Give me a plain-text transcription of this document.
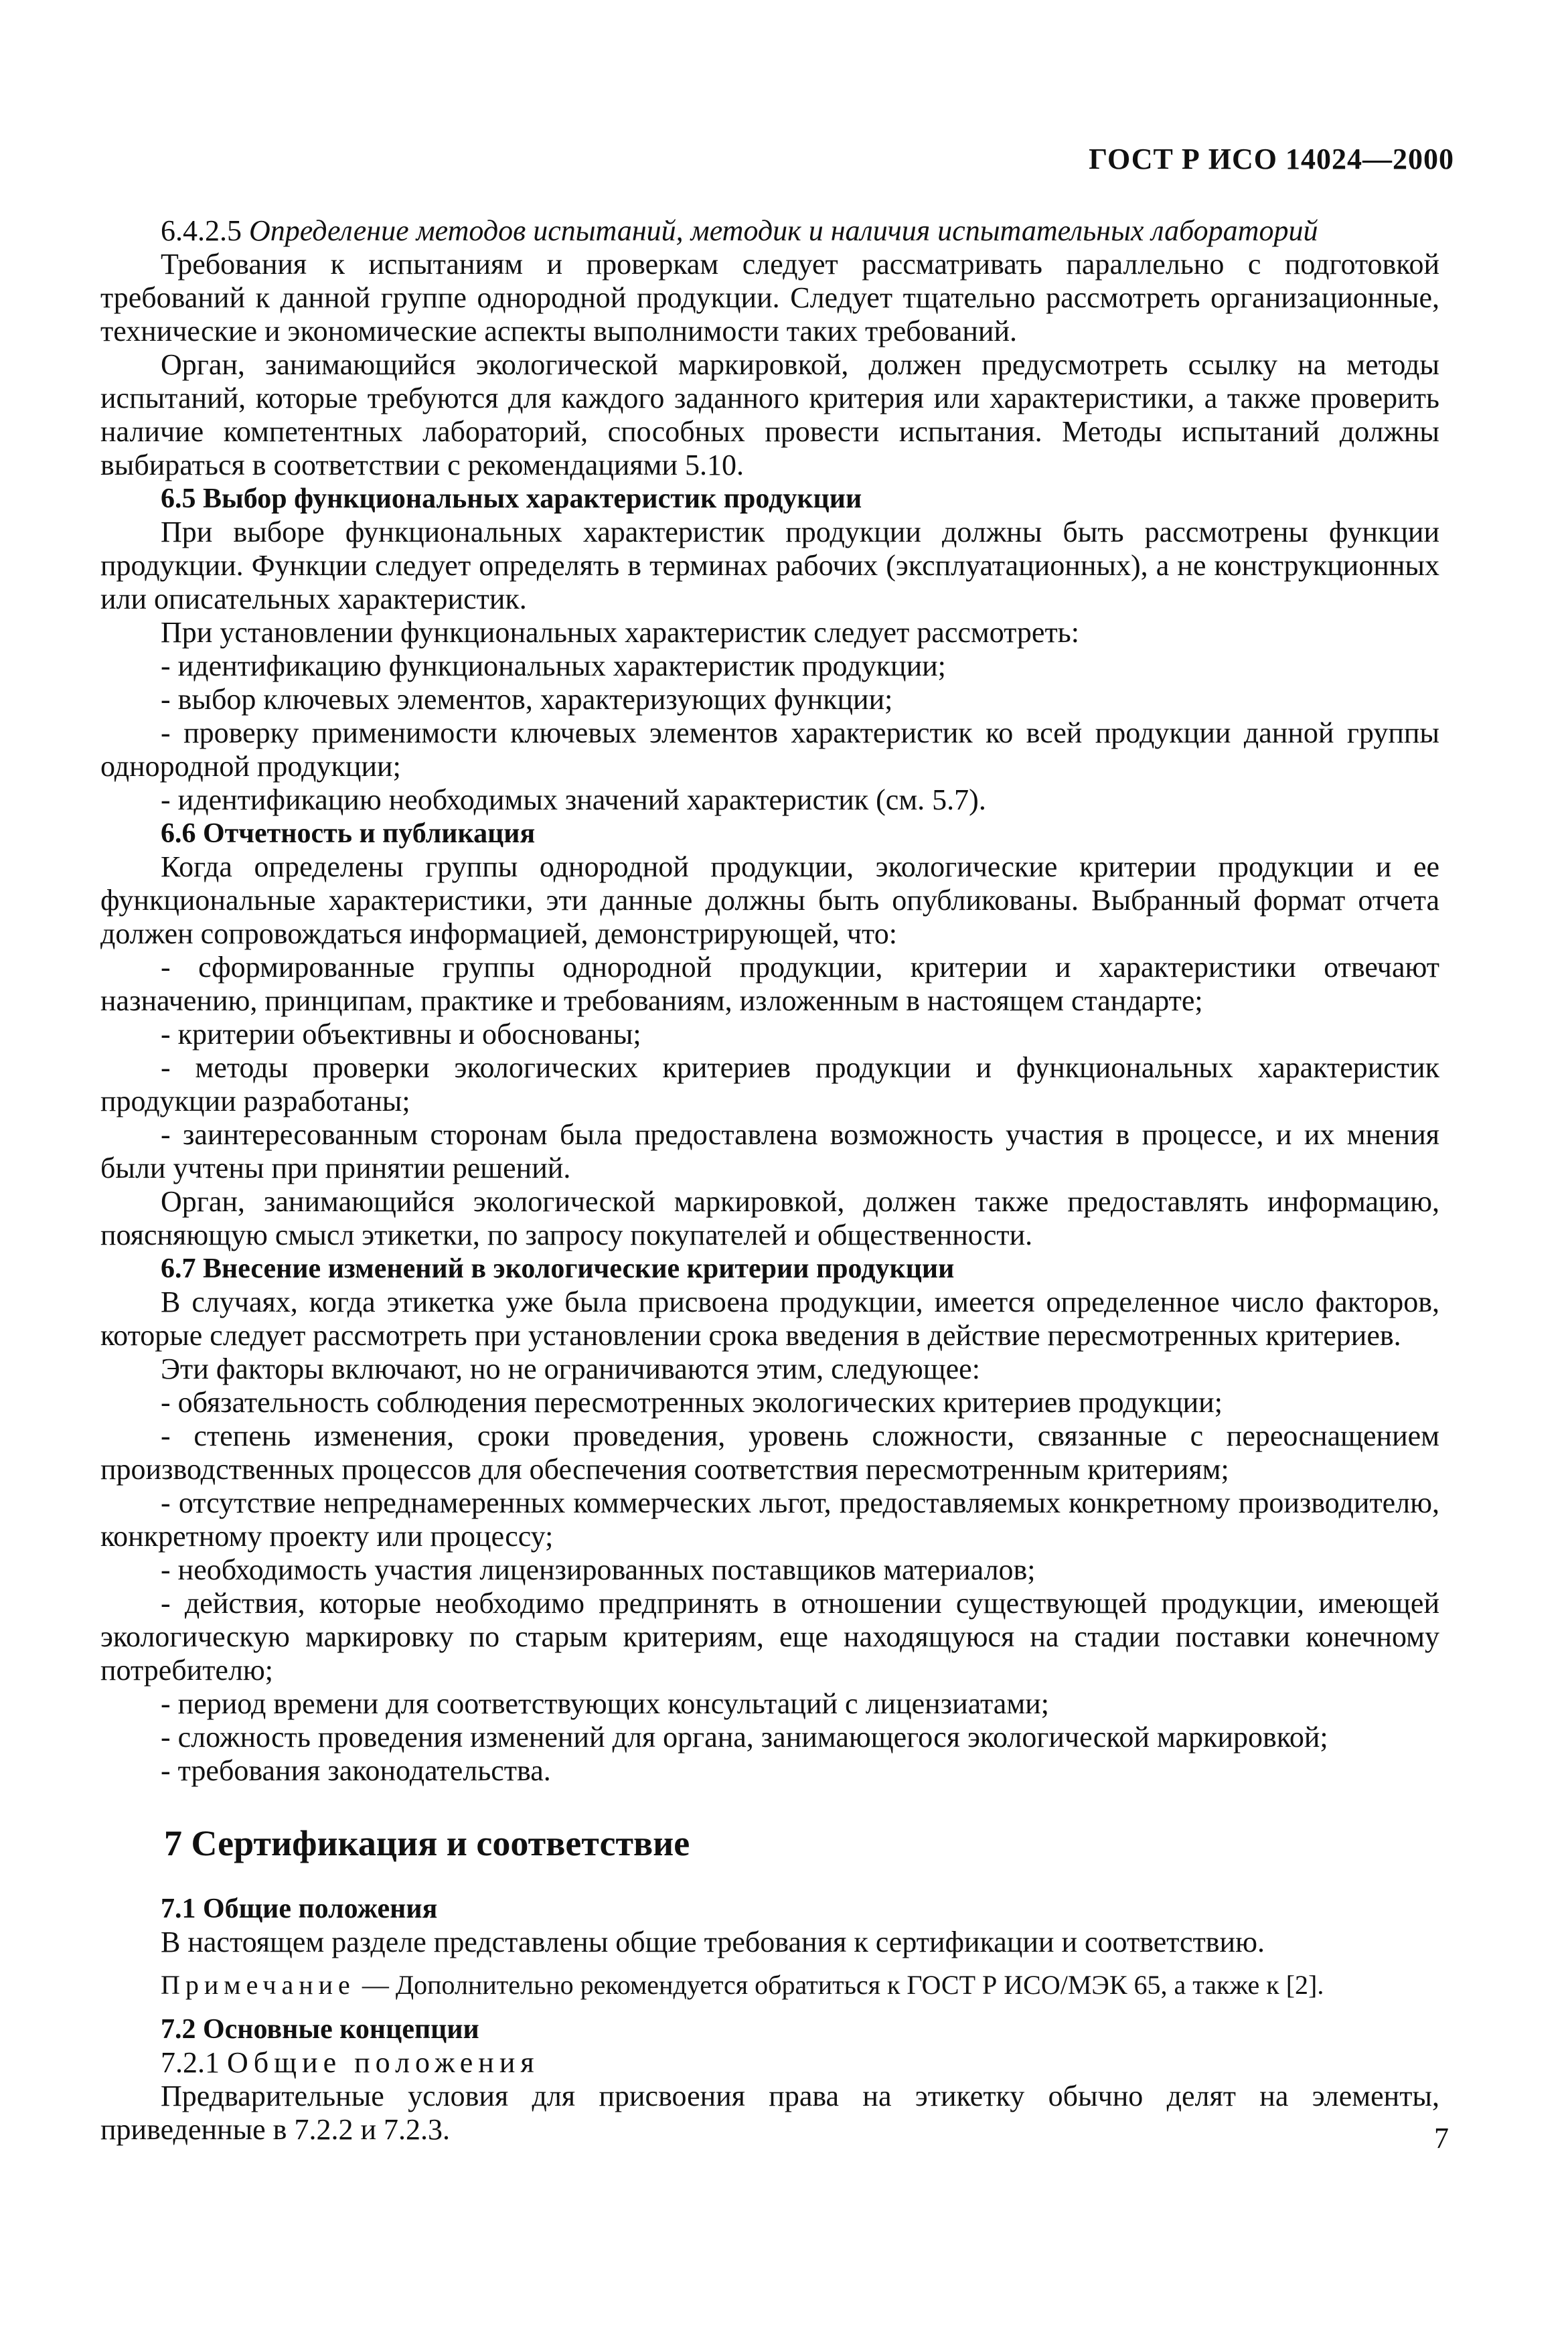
ГОСТ Р ИСО 14024—2000

6.4.2.5 Определение методов испытаний, методик и наличия испытательных лабораторий

Требования к испытаниям и проверкам следует рассматривать параллельно с подготовкой требований к данной группе однородной продукции. Следует тщательно рассмотреть организационные, технические и экономические аспекты выполнимости таких требований.

Орган, занимающийся экологической маркировкой, должен предусмотреть ссылку на методы испытаний, которые требуются для каждого заданного критерия или характеристики, а также проверить наличие компетентных лабораторий, способных провести испытания. Методы испытаний должны выбираться в соответствии с рекомендациями 5.10.

6.5 Выбор функциональных характеристик продукции

При выборе функциональных характеристик продукции должны быть рассмотрены функции продукции. Функции следует определять в терминах рабочих (эксплуатационных), а не конструкционных или описательных характеристик.

При установлении функциональных характеристик следует рассмотреть:

- идентификацию функциональных характеристик продукции;

- выбор ключевых элементов, характеризующих функции;

- проверку применимости ключевых элементов характеристик ко всей продукции данной группы однородной продукции;

- идентификацию необходимых значений характеристик (см. 5.7).

6.6 Отчетность и публикация

Когда определены группы однородной продукции, экологические критерии продукции и ее функциональные характеристики, эти данные должны быть опубликованы. Выбранный формат отчета должен сопровождаться информацией, демонстрирующей, что:

- сформированные группы однородной продукции, критерии и характеристики отвечают назначению, принципам, практике и требованиям, изложенным в настоящем стандарте;

- критерии объективны и обоснованы;

- методы проверки экологических критериев продукции и функциональных характеристик продукции разработаны;

- заинтересованным сторонам была предоставлена возможность участия в процессе, и их мнения были учтены при принятии решений.

Орган, занимающийся экологической маркировкой, должен также предоставлять информацию, поясняющую смысл этикетки, по запросу покупателей и общественности.

6.7 Внесение изменений в экологические критерии продукции

В случаях, когда этикетка уже была присвоена продукции, имеется определенное число факторов, которые следует рассмотреть при установлении срока введения в действие пересмотренных критериев.

Эти факторы включают, но не ограничиваются этим, следующее:

- обязательность соблюдения пересмотренных экологических критериев продукции;

- степень изменения, сроки проведения, уровень сложности, связанные с переоснащением производственных процессов для обеспечения соответствия пересмотренным критериям;

- отсутствие непреднамеренных коммерческих льгот, предоставляемых конкретному производителю, конкретному проекту или процессу;

- необходимость участия лицензированных поставщиков материалов;

- действия, которые необходимо предпринять в отношении существующей продукции, имеющей экологическую маркировку по старым критериям, еще находящуюся на стадии поставки конечному потребителю;

- период времени для соответствующих консультаций с лицензиатами;

- сложность проведения изменений для органа, занимающегося экологической маркировкой;

- требования законодательства.

7 Сертификация и соответствие

7.1 Общие положения

В настоящем разделе представлены общие требования к сертификации и соответствию.

Примечание — Дополнительно рекомендуется обратиться к ГОСТ Р ИСО/МЭК 65, а также к [2].

7.2 Основные концепции

7.2.1 Общие положения

Предварительные условия для присвоения права на этикетку обычно делят на элементы, приведенные в 7.2.2 и 7.2.3.	7
